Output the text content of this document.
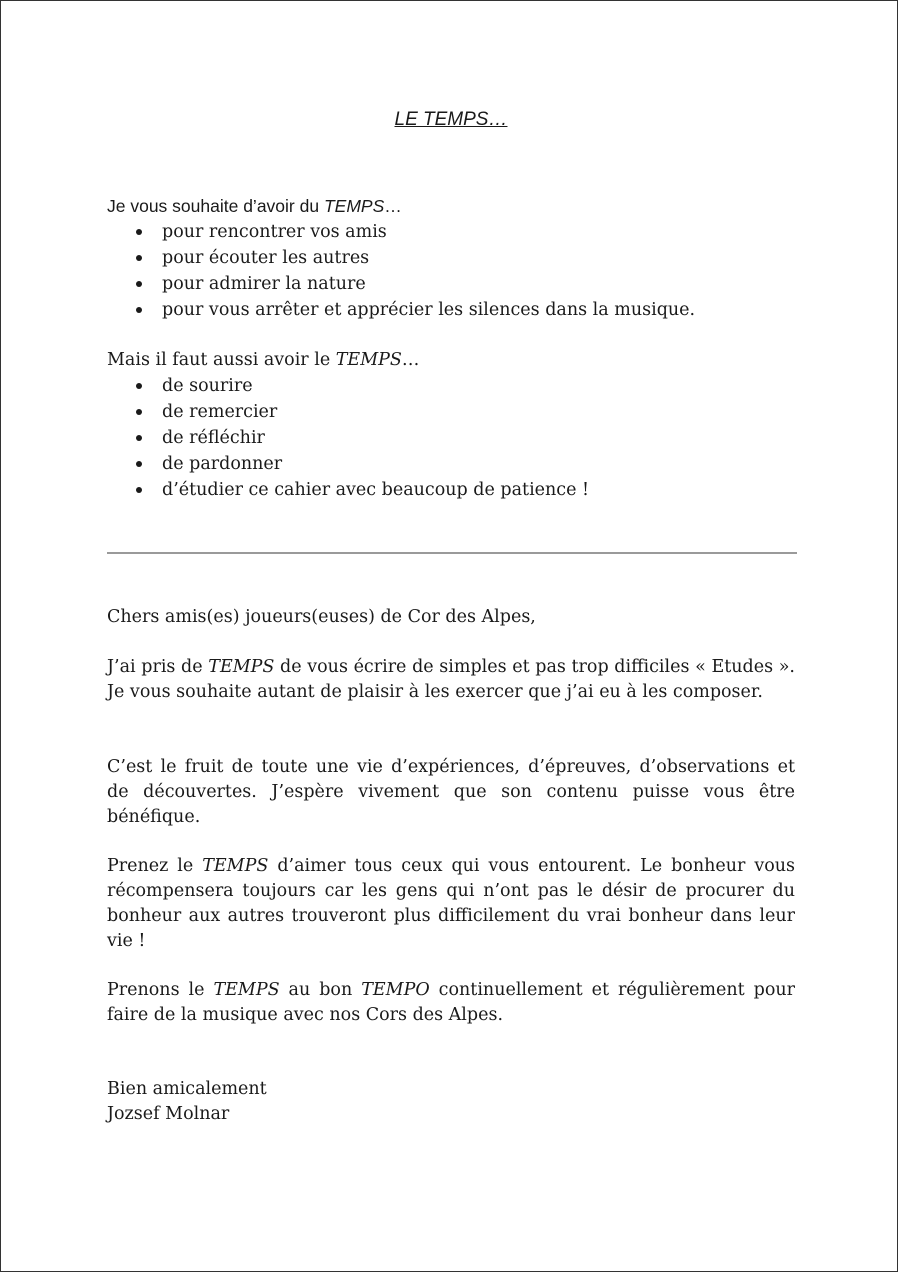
LE TEMPS…
Je vous souhaite d’avoir du TEMPS…
pour rencontrer vos amis
pour écouter les autres
pour admirer la nature
pour vous arrêter et apprécier les silences dans la musique.
Mais il faut aussi avoir le TEMPS…
de sourire
de remercier
de réfléchir
de pardonner
d’étudier ce cahier avec beaucoup de patience !
Chers amis(es) joueurs(euses) de Cor des Alpes,
J’ai pris de TEMPS de vous écrire de simples et pas trop difficiles « Etudes ». Je vous souhaite autant de plaisir à les exercer que j’ai eu à les composer.
C’est le fruit de toute une vie d’expériences, d’épreuves, d’observations et de découvertes. J’espère vivement que son contenu puisse vous être bénéfique.
Prenez le TEMPS d’aimer tous ceux qui vous entourent. Le bonheur vous récompensera toujours car les gens qui n’ont pas le désir de procurer du bonheur aux autres trouveront plus difficilement du vrai bonheur dans leur vie !
Prenons le TEMPS au bon TEMPO continuellement et régulièrement pour faire de la musique avec nos Cors des Alpes.
Bien amicalement
Jozsef Molnar
